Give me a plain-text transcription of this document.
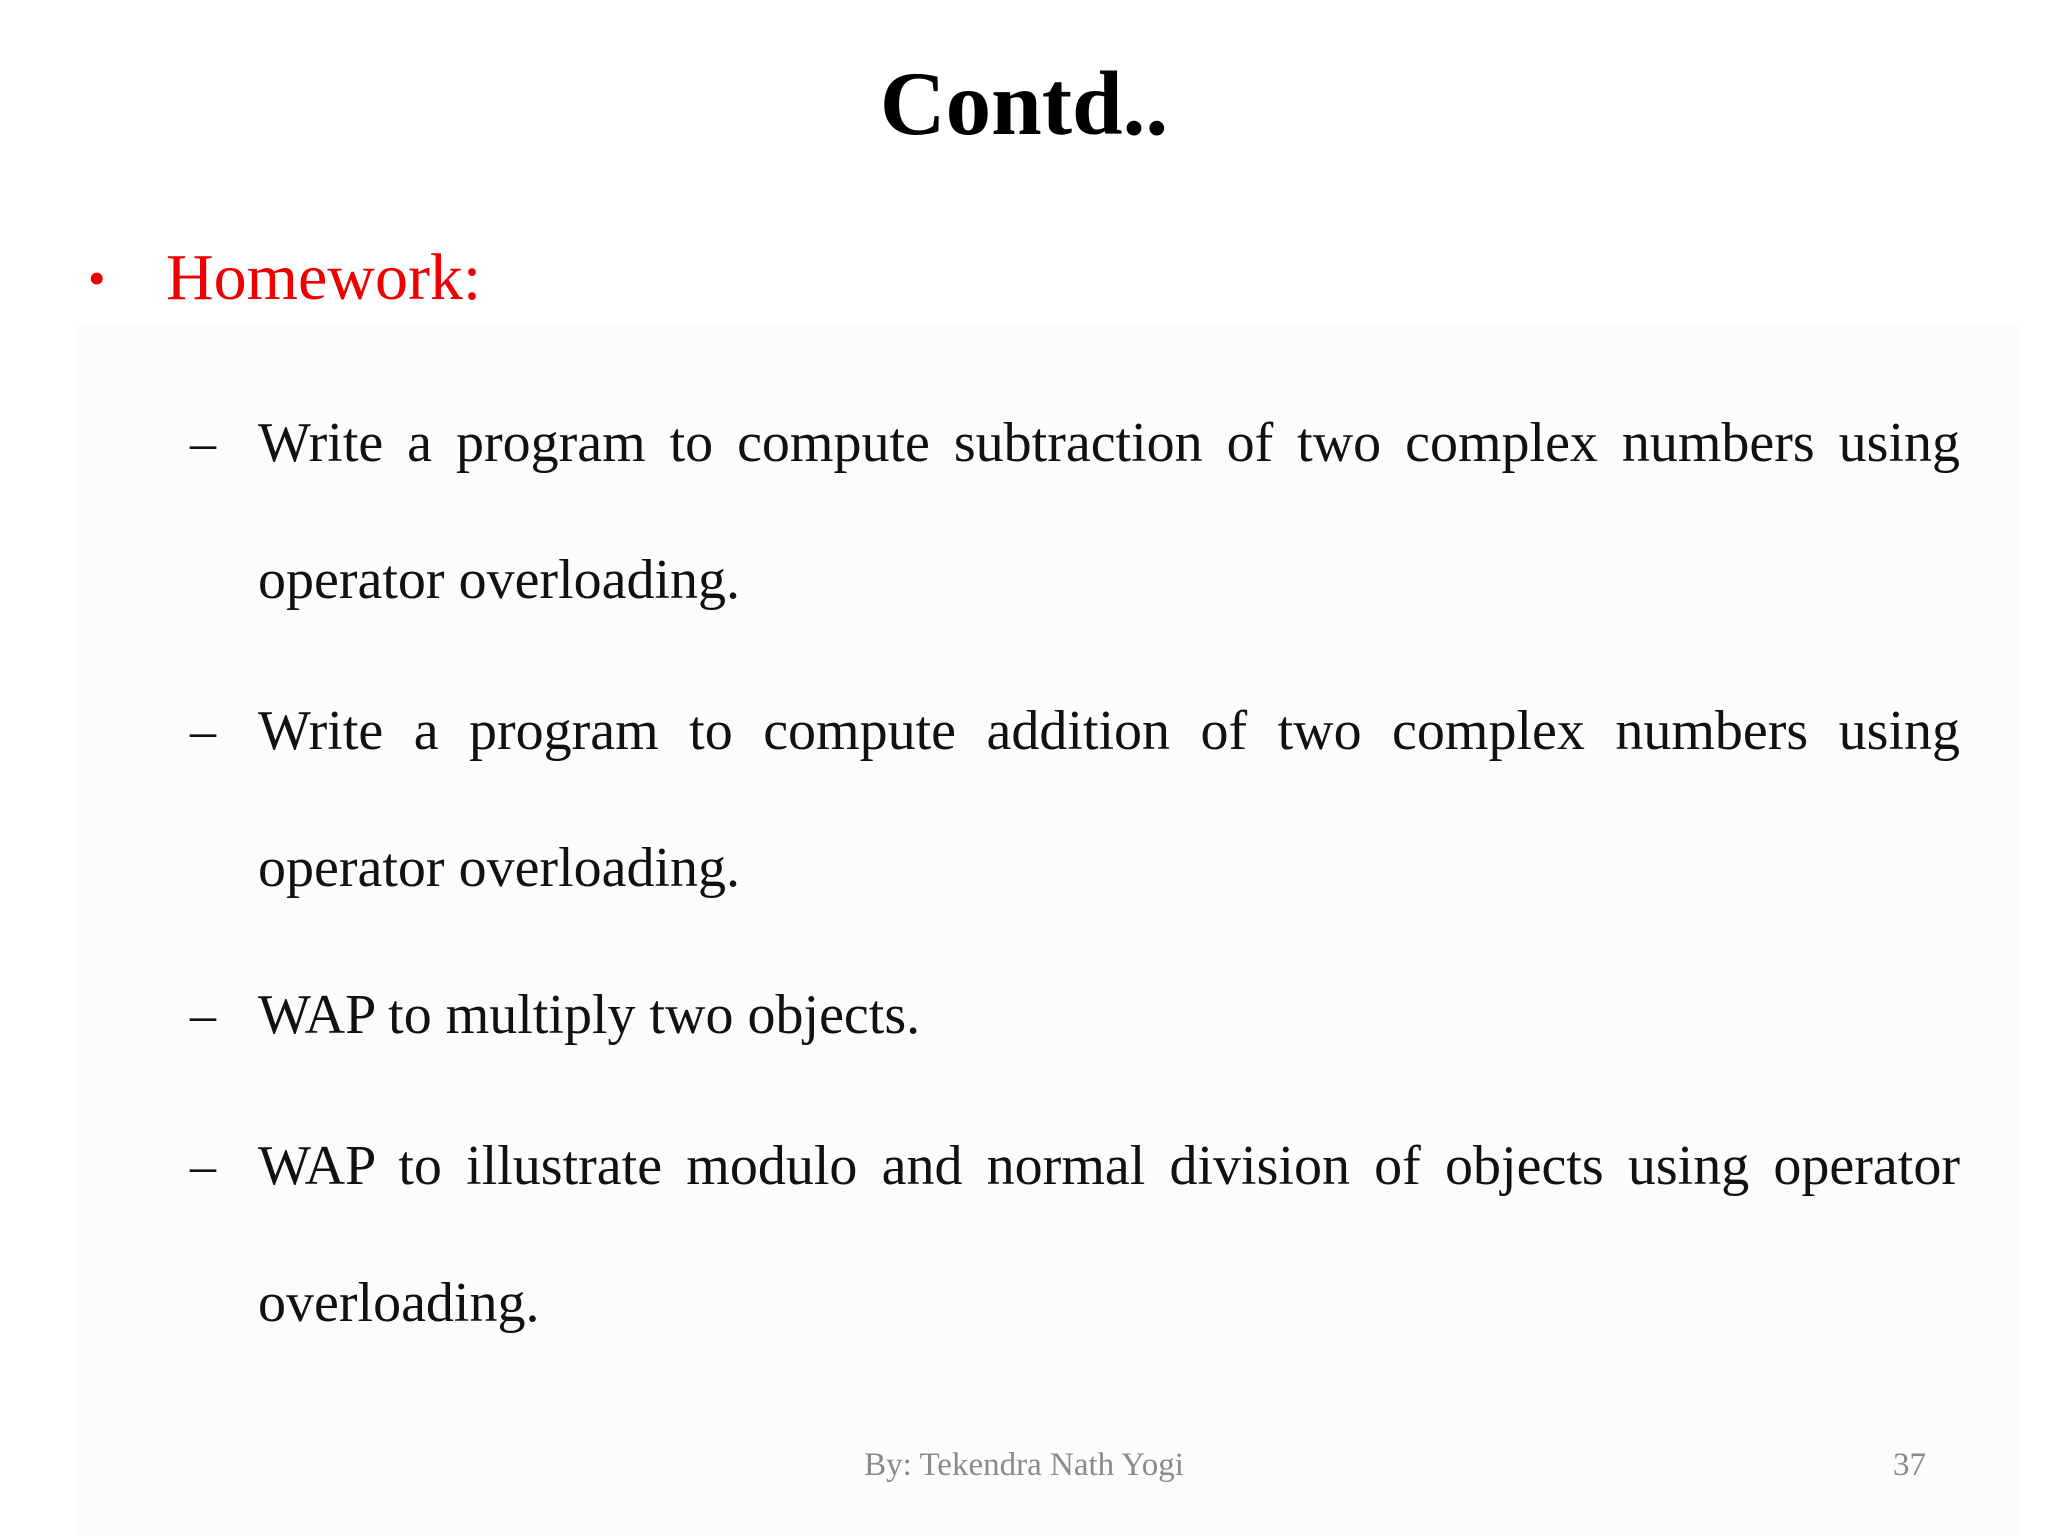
Contd..
• Homework:
– Write a program to compute subtraction of two complex numbers using operator overloading.
– Write a program to compute addition of two complex numbers using operator overloading.
– WAP to multiply two objects.
– WAP to illustrate modulo and normal division of objects using operator overloading.
By: Tekendra Nath Yogi	37
